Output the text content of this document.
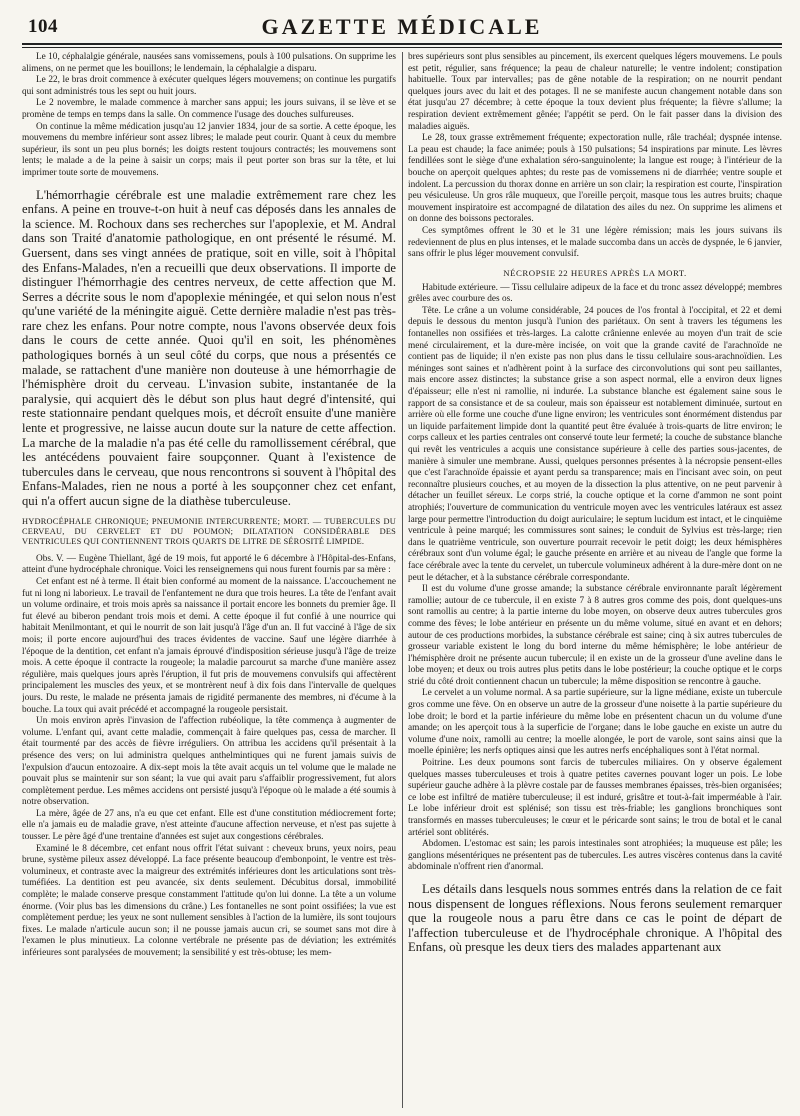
104	GAZETTE MÉDICALE

Le 10, céphalalgie générale, nausées sans vomissemens, pouls à 100 pulsations. On supprime les alimens, on ne permet que les bouillons; le lendemain, la céphalalgie a disparu.

Le 22, le bras droit commence à exécuter quelques légers mouvemens; on continue les purgatifs qui sont administrés tous les sept ou huit jours.

Le 2 novembre, le malade commence à marcher sans appui; les jours suivans, il se lève et se promène de temps en temps dans la salle. On commence l'usage des douches sulfureuses.

On continue la même médication jusqu'au 12 janvier 1834, jour de sa sortie. A cette époque, les mouvemens du membre inférieur sont assez libres; le malade peut courir. Quant à ceux du membre supérieur, ils sont un peu plus bornés; les doigts restent toujours contractés; les mouvemens sont lents; le malade a de la peine à saisir un corps; mais il peut porter son bras sur la tête, et lui imprimer toute sorte de mouvemens.

L'hémorrhagie cérébrale est une maladie extrêmement rare chez les enfans. A peine en trouve-t-on huit à neuf cas déposés dans les annales de la science. M. Rochoux dans ses recherches sur l'apoplexie, et M. Andral dans son Traité d'anatomie pathologique, en ont présenté le résumé. M. Guersent, dans ses vingt années de pratique, soit en ville, soit à l'hôpital des Enfans-Malades, n'en a recueilli que deux observations. Il importe de distinguer l'hémorrhagie des centres nerveux, de cette affection que M. Serres a décrite sous le nom d'apoplexie méningée, et qui selon nous n'est qu'une variété de la méningite aiguë. Cette dernière maladie n'est pas très-rare chez les enfans. Pour notre compte, nous l'avons observée deux fois dans le cours de cette année. Quoi qu'il en soit, les phénomènes pathologiques bornés à un seul côté du corps, que nous a présentés ce malade, se rattachent d'une manière non douteuse à une hémorrhagie de l'hémisphère droit du cerveau. L'invasion subite, instantanée de la paralysie, qui acquiert dès le début son plus haut degré d'intensité, qui reste stationnaire pendant quelques mois, et décroît ensuite d'une manière lente et progressive, ne laisse aucun doute sur la nature de cette affection. La marche de la maladie n'a pas été celle du ramollissement cérébral, que les antécédens pouvaient faire soupçonner. Quant à l'existence de tubercules dans le cerveau, que nous rencontrons si souvent à l'hôpital des Enfans-Malades, rien ne nous a porté à les soupçonner chez cet enfant, qui n'a offert aucun signe de la diathèse tuberculeuse.

HYDROCÉPHALE CHRONIQUE; PNEUMONIE INTERCURRENTE; MORT. — TUBERCULES DU CERVEAU, DU CERVELET ET DU POUMON; DILATATION CONSIDÉRABLE DES VENTRICULES QUI CONTIENNENT TROIS QUARTS DE LITRE DE SÉROSITÉ LIMPIDE.

Obs. V. — Eugène Thiellant, âgé de 19 mois, fut apporté le 6 décembre à l'Hôpital-des-Enfans, atteint d'une hydrocéphale chronique. Voici les renseignemens qui nous furent fournis par sa mère :

Cet enfant est né à terme. Il était bien conformé au moment de la naissance. L'accouchement ne fut ni long ni laborieux. Le travail de l'enfantement ne dura que trois heures. La tête de l'enfant avait un volume ordinaire, et trois mois après sa naissance il portait encore les bonnets du premier âge. Il fut élevé au biberon pendant trois mois et demi. A cette époque il fut confié à une nourrice qui habitait Menilmontant, et qui le nourrit de son lait jusqu'à l'âge d'un an. Il fut vacciné à l'âge de six mois; il porte encore aujourd'hui des traces évidentes de vaccine. Sauf une légère diarrhée à l'époque de la dentition, cet enfant n'a jamais éprouvé d'indisposition sérieuse jusqu'à l'âge de treize mois. A cette époque il contracte la rougeole; la maladie parcourut sa marche d'une manière assez régulière, mais quelques jours après l'éruption, il fut pris de mouvemens convulsifs qui affectèrent principalement les muscles des yeux, et se montrèrent neuf à dix fois dans l'intervalle de quelques jours. Du reste, le malade ne présenta jamais de rigidité permanente des membres, ni d'écume à la bouche. La toux qui avait précédé et accompagné la rougeole persistait.

Un mois environ après l'invasion de l'affection rubéolique, la tête commença à augmenter de volume. L'enfant qui, avant cette maladie, commençait à faire quelques pas, cessa de marcher. Il était tourmenté par des accès de fièvre irréguliers. On attribua les accidens qu'il présentait à la présence des vers; on lui administra quelques anthelmintiques qui ne furent jamais suivis de l'expulsion d'aucun entozoaire. A dix-sept mois la tête avait acquis un tel volume que le malade ne pouvait plus se maintenir sur son séant; la vue qui avait paru s'affaiblir progressivement, fut alors complètement perdue. Les mêmes accidens ont persisté jusqu'à l'époque où le malade a été soumis à notre observation.

La mère, âgée de 27 ans, n'a eu que cet enfant. Elle est d'une constitution médiocrement forte; elle n'a jamais eu de maladie grave, n'est atteinte d'aucune affection nerveuse, et n'est pas sujette à tousser. Le père âgé d'une trentaine d'années est sujet aux congestions cérébrales.

Examiné le 8 décembre, cet enfant nous offrit l'état suivant : cheveux bruns, yeux noirs, peau brune, système pileux assez développé. La face présente beaucoup d'embonpoint, le ventre est très-volumineux, et contraste avec la maigreur des extrémités inférieures dont les articulations sont très-tuméfiées. La dentition est peu avancée, six dents seulement. Décubitus dorsal, immobilité complète; le malade conserve presque constamment l'attitude qu'on lui donne. La tête a un volume énorme. (Voir plus bas les dimensions du crâne.) Les fontanelles ne sont point ossifiées; la vue est complètement perdue; les yeux ne sont nullement sensibles à l'action de la lumière, ils sont toujours fixes. Le malade n'articule aucun son; il ne pousse jamais aucun cri, se soumet sans mot dire à l'examen le plus minutieux. La colonne vertébrale ne présente pas de déviation; les extrémités inférieures sont paralysées de mouvement; la sensibilité y est très-obtuse; les mem-

bres supérieurs sont plus sensibles au pincement, ils exercent quelques légers mouvemens. Le pouls est petit, régulier, sans fréquence; la peau de chaleur naturelle; le ventre indolent; constipation habituelle. Toux par intervalles; pas de gêne notable de la respiration; on ne nourrit pendant quelques jours avec du lait et des potages. Il ne se manifeste aucun changement notable dans son état jusqu'au 27 décembre; à cette époque la toux devient plus fréquente; la fièvre s'allume; la respiration devient extrêmement gênée; l'appétit se perd. On le fait passer dans la division des maladies aiguës.

Le 28, toux grasse extrêmement fréquente; expectoration nulle, râle trachéal; dyspnée intense. La peau est chaude; la face animée; pouls à 150 pulsations; 54 inspirations par minute. Les lèvres fendillées sont le siège d'une exhalation séro-sanguinolente; la langue est rouge; à l'intérieur de la bouche on aperçoit quelques aphtes; du reste pas de vomissemens ni de diarrhée; ventre souple et indolent. La percussion du thorax donne en arrière un son clair; la respiration est courte, l'inspiration peu vésiculeuse. Un gros râle muqueux, que l'oreille perçoit, masque tous les autres bruits; chaque mouvement inspiratoire est accompagné de dilatation des ailes du nez. On supprime les alimens et on donne des boissons pectorales.

Ces symptômes offrent le 30 et le 31 une légère rémission; mais les jours suivans ils redeviennent de plus en plus intenses, et le malade succomba dans un accès de dyspnée, le 6 janvier, sans offrir le plus léger mouvement convulsif.

NÉCROPSIE 22 HEURES APRÈS LA MORT.

Habitude extérieure. — Tissu cellulaire adipeux de la face et du tronc assez développé; membres grêles avec courbure des os.

Tête. Le crâne a un volume considérable, 24 pouces de l'os frontal à l'occipital, et 22 et demi depuis le dessous du menton jusqu'à l'union des pariétaux. On sent à travers les tégumens les fontanelles non ossifiées et très-larges. La calotte crânienne enlevée au moyen d'un trait de scie mené circulairement, et la dure-mère incisée, on voit que la grande cavité de l'arachnoïde ne contient pas de liquide; il n'en existe pas non plus dans le tissu cellulaire sous-arachnoïdien. Les méninges sont saines et n'adhèrent point à la surface des circonvolutions qui sont peu saillantes, mais encore assez distinctes; la substance grise a son aspect normal, elle a environ deux lignes d'épaisseur; elle n'est ni ramollie, ni indurée. La substance blanche est également saine sous le rapport de sa consistance et de sa couleur, mais son épaisseur est notablement diminuée, surtout en arrière où elle forme une couche d'une ligne environ; les ventricules sont énormément distendus par un liquide parfaitement limpide dont la quantité peut être évaluée à trois-quarts de litre environ; le corps calleux et les parties centrales ont conservé toute leur fermeté; la couche de substance blanche qui revêt les ventricules a acquis une consistance supérieure à celle des parties sous-jacentes, de manière à simuler une membrane. Aussi, quelques personnes présentes à la nécropsie pensent-elles que c'est l'arachnoïde épaissie et ayant perdu sa transparence; mais en l'incisant avec soin, on peut reconnaître plusieurs couches, et au moyen de la dissection la plus attentive, on ne peut parvenir à détacher un feuillet séreux. Le corps strié, la couche optique et la corne d'ammon ne sont point atrophiés; l'ouverture de communication du ventricule moyen avec les ventricules latéraux est assez large pour permettre l'introduction du doigt auriculaire; le septum lucidum est intact, et le cinquième ventricule à peine marqué; les commissures sont saines; le conduit de Sylvius est très-large; rien dans le quatrième ventricule, son ouverture pourrait recevoir le petit doigt; les deux hémisphères cérébraux sont d'un volume égal; le gauche présente en arrière et au niveau de l'angle que forme la face cérébrale avec la tente du cervelet, un tubercule volumineux adhérent à la dure-mère dont on ne peut le détacher, et à la substance cérébrale correspondante.

Il est du volume d'une grosse amande; la substance cérébrale environnante paraît légèrement ramollie; autour de ce tubercule, il en existe 7 à 8 autres gros comme des pois, dont quelques-uns sont ramollis au centre; à la partie interne du lobe moyen, on observe deux autres tubercules gros comme des fèves; le lobe antérieur en présente un du même volume, situé en avant et en dehors; autour de ces productions morbides, la substance cérébrale est saine; cinq à six autres tubercules de grosseur variable existent le long du bord interne du même hémisphère; le lobe antérieur de l'hémisphère droit ne présente aucun tubercule; il en existe un de la grosseur d'une aveline dans le lobe moyen; et deux ou trois autres plus petits dans le lobe postérieur; la couche optique et le corps strié du côté droit contiennent chacun un tubercule; la même disposition se rencontre à gauche.

Le cervelet a un volume normal. A sa partie supérieure, sur la ligne médiane, existe un tubercule gros comme une fève. On en observe un autre de la grosseur d'une noisette à la partie supérieure du lobe droit; le bord et la partie inférieure du même lobe en présentent chacun un du volume d'une amande; on les aperçoit tous à la superficie de l'organe; dans le lobe gauche en existe un autre du volume d'une noix, ramolli au centre; la moelle alongée, le port de varole, sont sains ainsi que la moelle épinière; les nerfs optiques ainsi que les autres nerfs encéphaliques sont à l'état normal.

Poitrine. Les deux poumons sont farcis de tubercules miliaires. On y observe également quelques masses tuberculeuses et trois à quatre petites cavernes pouvant loger un pois. Le lobe supérieur gauche adhère à la plèvre costale par de fausses membranes épaisses, très-bien organisées; ce lobe est infiltré de matière tuberculeuse; il est induré, grisâtre et tout-à-fait imperméable à l'air. Le lobe inférieur droit est splénisé; son tissu est très-friable; les ganglions bronchiques sont transformés en masses tuberculeuses; le cœur et le péricarde sont sains; le trou de botal et le canal artériel sont oblitérés.

Abdomen. L'estomac est sain; les parois intestinales sont atrophiées; la muqueuse est pâle; les ganglions mésentériques ne présentent pas de tubercules. Les autres viscères contenus dans la cavité abdominale n'offrent rien d'anormal.

Les détails dans lesquels nous sommes entrés dans la relation de ce fait nous dispensent de longues réflexions. Nous ferons seulement remarquer que la rougeole nous a paru être dans ce cas le point de départ de l'affection tuberculeuse et de l'hydrocéphale chronique. A l'hôpital des Enfans, où presque les deux tiers des malades appartenant aux
